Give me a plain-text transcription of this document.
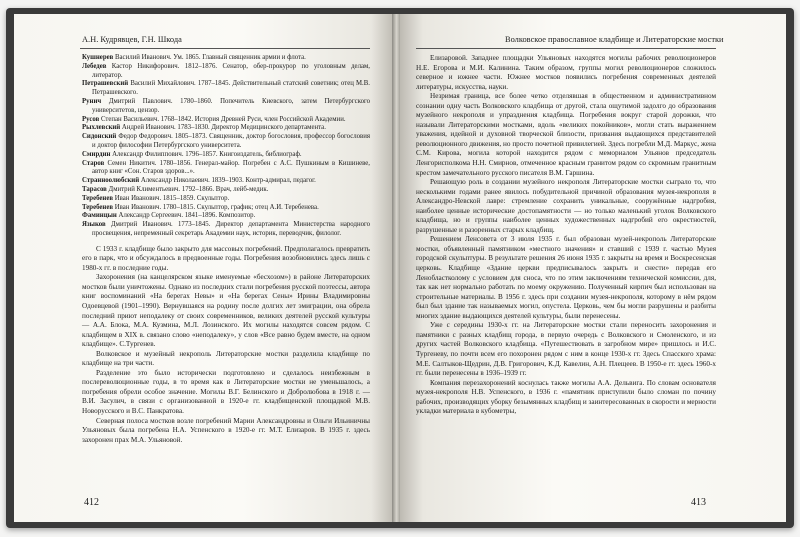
А.Н. Кудрявцев, Г.Н. Шкода

Кушнерев Василий Иванович. Ум. 1865. Главный священник армии и флота.

Лебедев Кастор Никифорович. 1812–1876. Сенатор, обер-прокурор по уголовным делам, литератор.

Петрашевский Василий Михайлович. 1787–1845. Действительный статский советник; отец М.В. Петрашевского.

Рунич Дмитрий Павлович. 1780–1860. Попечитель Киевского, затем Петербургского университетов, цензор.

Русов Степан Васильевич. 1768–1842. История Древней Руси, член Российской Академии.

Рыхлевский Андрей Иванович. 1783–1830. Директор Медицинского департамента.

Сидонский Федор Федорович. 1805–1873. Священник, доктор богословия, профессор богословия и доктор философии Петербургского университета.

Смирдин Александр Филиппович. 1796–1857. Книгоиздатель, библиограф.

Старов Семен Никитич. 1780–1856. Генерал-майор. Погребен с А.С. Пушкиным в Кишиневе, автор книг «Сон. Старов здоров...».

Странноолюбский Александр Николаевич. 1839–1903. Контр-адмирал, педагог.

Тарасов Дмитрий Климентьевич. 1792–1866. Врач, лейб-медик.

Теребенев Иван Иванович. 1815–1859. Скульптор.

Теребенев Иван Иванович. 1780–1815. Скульптор, график; отец А.И. Теребенева.

Фаминцын Александр Сергеевич. 1841–1896. Композитор.

Языков Дмитрий Иванович. 1773–1845. Директор департамента Министерства народного просвещения, непременный секретарь Академии наук, историк, переводчик, филолог.

С 1933 г. кладбище было закрыто для массовых погребений. Предполагалось превратить его в парк, что и обсуждалось в предвоенные годы. Погребения возобновились здесь лишь с 1980-х гг. в последние годы.

Захоронения (на канцелярском языке именуемые «бесхозом») в районе Литераторских мостков были уничтожены. Однако из последних стали погребения русской поэтессы, автора книг воспоминаний «На берегах Невы» и «На берегах Сены» Ирины Владимировны Одоевцевой (1901–1990). Вернувшаяся на родину после долгих лет эмиграции, она обрела последний приют неподалеку от своих современников, великих деятелей русской культуры — А.А. Блока, М.А. Кузмина, М.Л. Лозинского. Их могилы находятся совсем рядом. С кладбищем в XIX в. связано слово «неподалеку», у слов «Все равно будем вместе, на одном кладбище». С.Тургенев.

Волковское и музейный некрополь Литераторские мостки разделила кладбище по кладбище на три части.

Разделение это было исторически подготовлено и сделалось неизбежным в послереволюционные годы, в то время как в Литераторские мостки не уменьшалось, а погребения обрели особое значение. Могилы В.Г. Белинского и Добролюбова в 1918 г. — В.И. Засулич, в связи с организованной в 1920-е гг. кладбищенской площадкой М.В. Новорусского и В.С. Панкратова.

Северная полоса мостков возле погребений Марии Александровны и Ольги Ильиничны Ульяновых была погребена Н.А. Успенского в 1920-е гг. М.Т. Елизаров. В 1935 г. здесь захоронен прах М.А. Ульяновой.

412
Волковское православное кладбище и Литераторские мостки

Елизаровой. Западнее площадки Ульяновых находятся могилы рабочих революционеров Н.Е. Егорова и М.И. Калинина. Таким образом, группы могил революционеров сложилось северное и южнее части. Южнее мостков появились погребения современных деятелей литературы, искусства, науки.

Незримая граница, все более четко отделявшая в общественном и административном сознании одну часть Волковского кладбища от другой, стала ощутимой задолго до образования музейного некрополя и упразднения кладбища. Погребения вокруг старой дорожки, что называли Литераторскими мостками, вдоль «великих покойников», могли стать выражением уважения, идейной и духовной творческой близости, призвания выдающихся представителей революционного движения, но просто почетной привилегией. Здесь погребли М.Д. Маркус, жена С.М. Кирова, могила которой находится рядом с мемориалом Ульянов председатель Ленгорисполкома Н.Н. Смирнов, отмеченное красным гранитом рядом со скромным гранитным крестом замечательного русского писателя В.М. Гаршина.

Решающую роль в создании музейного некрополя Литераторские мостки сыграло то, что несколькими годами ранее явилось побудительной причиной образования музея-некрополя в Александро-Невской лавре: стремление сохранить уникальные, сооружённые надгробия, наиболее ценные исторические достопамятности — но только маленький уголок Волковского кладбища, но и группы наиболее ценных художественных надгробий его окрестностей, разрушенные и разоренных старых кладбищ.

Решением Ленсовета от 3 июля 1935 г. был образован музей-некрополь Литераторские мостки, объявленный памятником «местного значения» и ставший с 1939 г. частью Музея городской скульптуры. В результате решения 26 июня 1935 г. закрыты на время и Воскресенская церковь. Кладбище «Здание церкви предписывалось закрыть и снести» передав его Ленобластколому с условием для сноса, что по этим заключениям технической комиссии, для, так как нет нормально работать по моему окружению. Полученный кирпич был использован на строительные материалы. В 1956 г. здесь при создании музея-некрополя, которому в нём рядом был был здание так называемых могил, опустела. Церковь, чем бы могли разрушены и разбиты многих здание выдающихся деятелей культуры, были перенесены.

Уже с середины 1930-х гг. на Литераторские мостки стали переносить захоронения и памятники с разных кладбищ города, в первую очередь с Волковского и Смоленского, и из других частей Волковского кладбища. «Путешествовать в загробном мире» пришлось и И.С. Тургеневу, по почти всем его похоронен рядом с ним в конце 1930-х гг. Здесь Спасского храма: М.Е. Салтыков-Щедрин, Д.В. Григорович, К.Д. Кавелин, А.Н. Плещеев. В 1950-е гг. здесь 1960-х гг. были перенесены в 1936–1939 гг.

Компания перезахоронений коснулась также могилы А.А. Дельвига. По словам основателя музея-некрополя Н.В. Успенского, в 1936 г. «памятник приступили было сломан по почину рабочих, производящих уборку безымянных кладбищ и заинтересованных в скорости и мерности укладки материала в кубометры,

413
